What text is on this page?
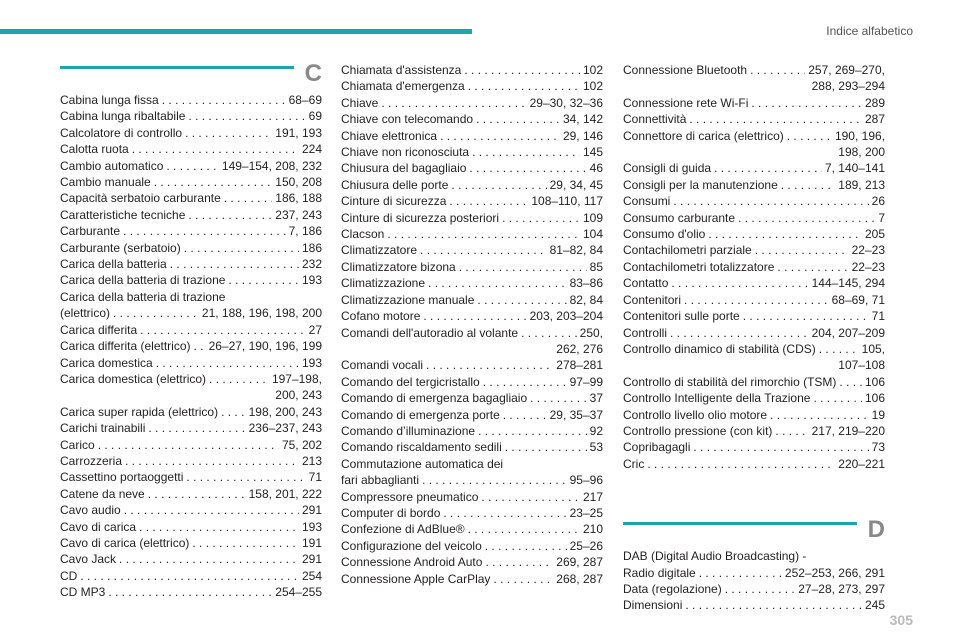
Indice alfabetico
C
Cabina lunga fissa . . .	68–69
Cabina lunga ribaltabile . . .	69
Calcolatore di controllo . . .	191, 193
Calotta ruota . . .	224
Cambio automatico . . .	149–154, 208, 232
Cambio manuale . . .	150, 208
Capacità serbatoio carburante . . .	186, 188
Caratteristiche tecniche . . .	237, 243
Carburante . . .	7, 186
Carburante (serbatoio) . . .	186
Carica della batteria . . .	232
Carica della batteria di trazione . . .	193
Carica della batteria di trazione
(elettrico) . . .	21, 188, 196, 198, 200
Carica differita . . .	27
Carica differita (elettrico) . . . 26–27, 190, 196, 199
Carica domestica . . .	193
Carica domestica (elettrico) . . .	197–198,
200, 243
Carica super rapida (elettrico) . . .	198, 200, 243
Carichi trainabili . . .	236–237, 243
Carico . . .	75, 202
Carrozzeria . . .	213
Cassettino portaoggetti . . .	71
Catene da neve . . .	158, 201, 222
Cavo audio . . .	291
Cavo di carica . . .	193
Cavo di carica (elettrico) . . .	191
Cavo Jack . . .	291
CD . . .	254
CD MP3 . . .	254–255
Chiamata d'assistenza . . .	102
Chiamata d'emergenza . . .	102
Chiave . . .	29–30, 32–36
Chiave con telecomando . . .	34, 142
Chiave elettronica . . .	29, 146
Chiave non riconosciuta . . .	145
Chiusura del bagagliaio . . .	46
Chiusura delle porte . . .	29, 34, 45
Cinture di sicurezza . . .	108–110, 117
Cinture di sicurezza posteriori . . .	109
Clacson . . .	104
Climatizzatore . . .	81–82, 84
Climatizzatore bizona . . .	85
Climatizzazione . . .	83–86
Climatizzazione manuale . . .	82, 84
Cofano motore . . .	203, 203–204
Comandi dell'autoradio al volante . . .	250,
262, 276
Comandi vocali . . .	278–281
Comando del tergicristallo . . .	97–99
Comando di emergenza bagagliaio . . .	37
Comando di emergenza porte . . .	29, 35–37
Comando d’illuminazione . . .	92
Comando riscaldamento sedili . . .	53
Commutazione automatica dei
fari abbaglianti . . .	95–96
Compressore pneumatico . . .	217
Computer di bordo . . .	23–25
Confezione di AdBlue® . . .	210
Configurazione del veicolo . . .	25–26
Connessione Android Auto . . .	269, 287
Connessione Apple CarPlay . . .	268, 287
Connessione Bluetooth . . .	257, 269–270,
288, 293–294
Connessione rete Wi-Fi . . .	289
Connettività . . .	287
Connettore di carica (elettrico) . . .	190, 196,
198, 200
Consigli di guida . . .	7, 140–141
Consigli per la manutenzione . . .	189, 213
Consumi . . .	26
Consumo carburante . . .	7
Consumo d'olio . . .	205
Contachilometri parziale . . .	22–23
Contachilometri totalizzatore . . .	22–23
Contatto . . .	144–145, 294
Contenitori . . .	68–69, 71
Contenitori sulle porte . . .	71
Controlli . . .	204, 207–209
Controllo dinamico di stabilità (CDS) . . .	105,
107–108
Controllo di stabilità del rimorchio (TSM) . . . 106
Controllo Intelligente della Trazione . . .	106
Controllo livello olio motore . . .	19
Controllo pressione (con kit) . . .	217, 219–220
Copribagagli . . .	73
Cric . . .	220–221
D
DAB (Digital Audio Broadcasting) -
Radio digitale . . .	252–253, 266, 291
Data (regolazione) . . .	27–28, 273, 297
Dimensioni . . .	245
305
